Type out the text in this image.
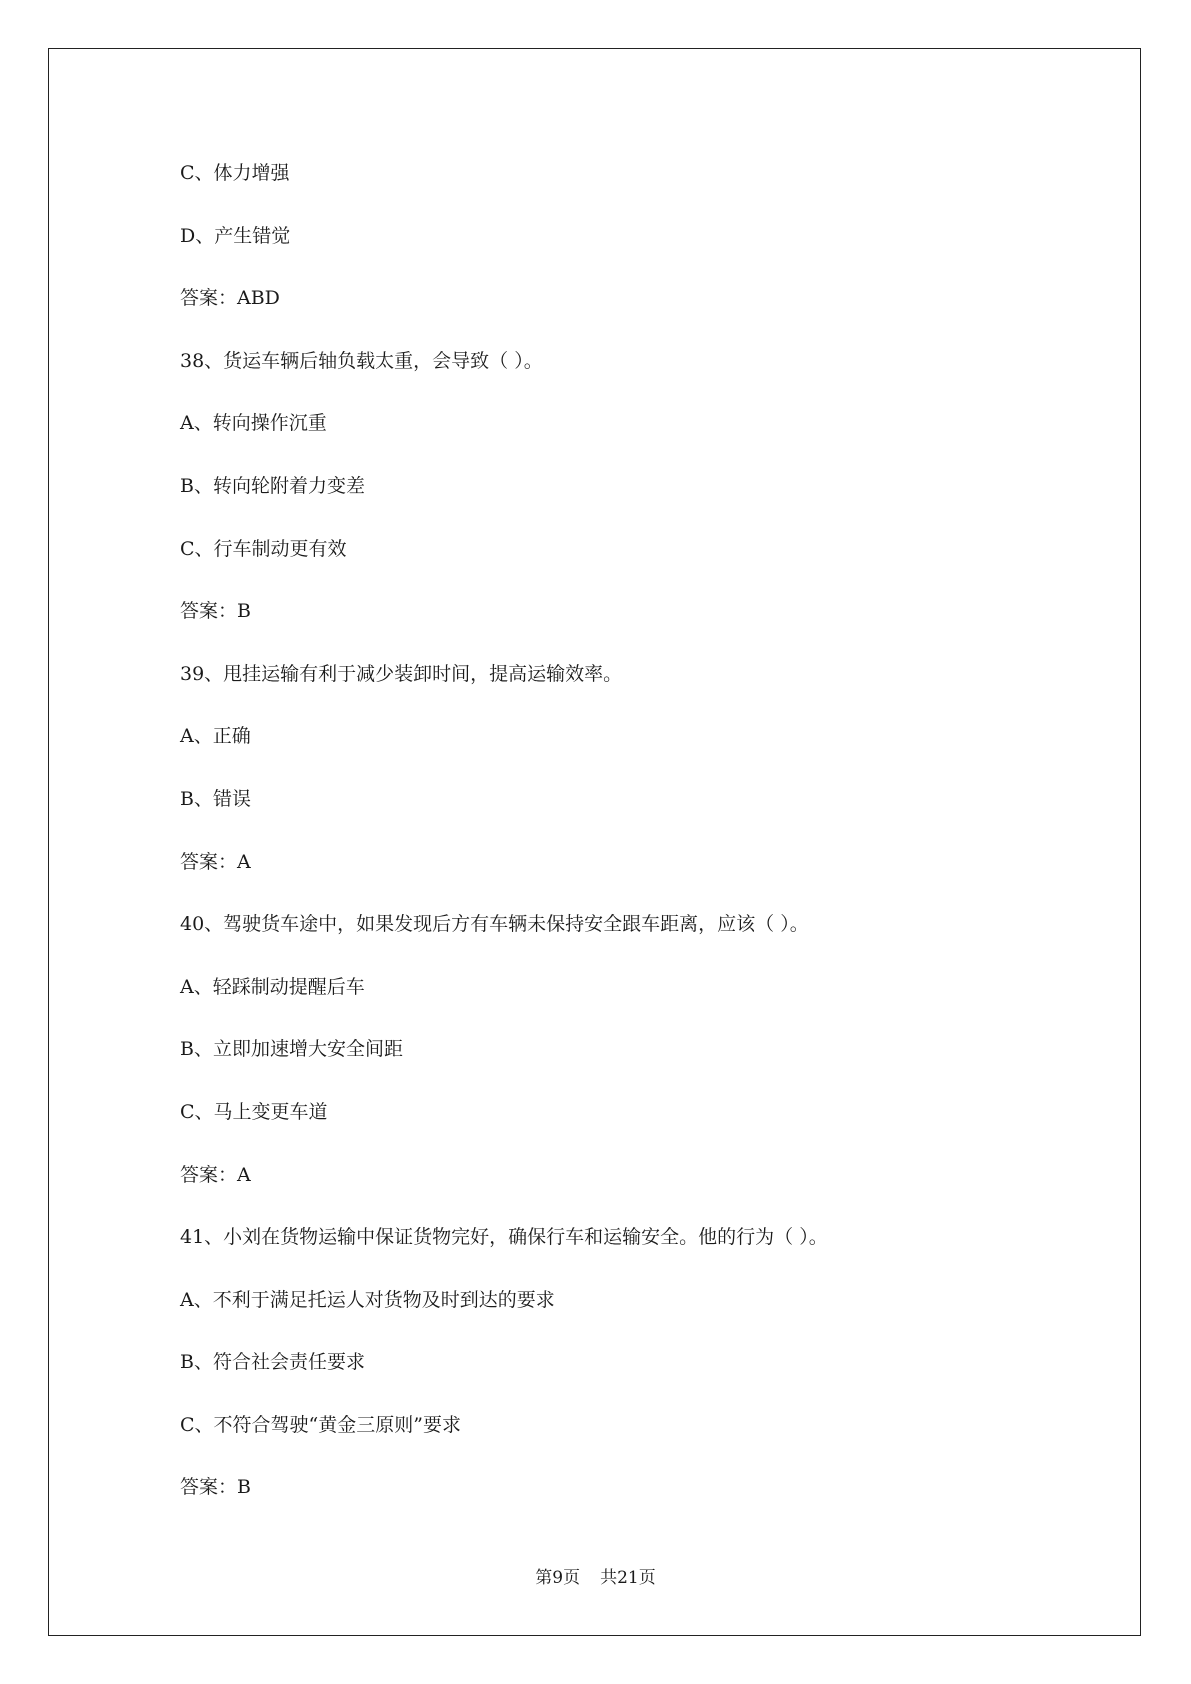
C、体力增强
D、产生错觉
答案：ABD
38、货运车辆后轴负载太重，会导致（ ）。
A、转向操作沉重
B、转向轮附着力变差
C、行车制动更有效
答案：B
39、甩挂运输有利于减少装卸时间，提高运输效率。
A、正确
B、错误
答案：A
40、驾驶货车途中，如果发现后方有车辆未保持安全跟车距离，应该（ ）。
A、轻踩制动提醒后车
B、立即加速增大安全间距
C、马上变更车道
答案：A
41、小刘在货物运输中保证货物完好，确保行车和运输安全。他的行为（ ）。
A、不利于满足托运人对货物及时到达的要求
B、符合社会责任要求
C、不符合驾驶“黄金三原则”要求
答案：B
第9页 共21页
